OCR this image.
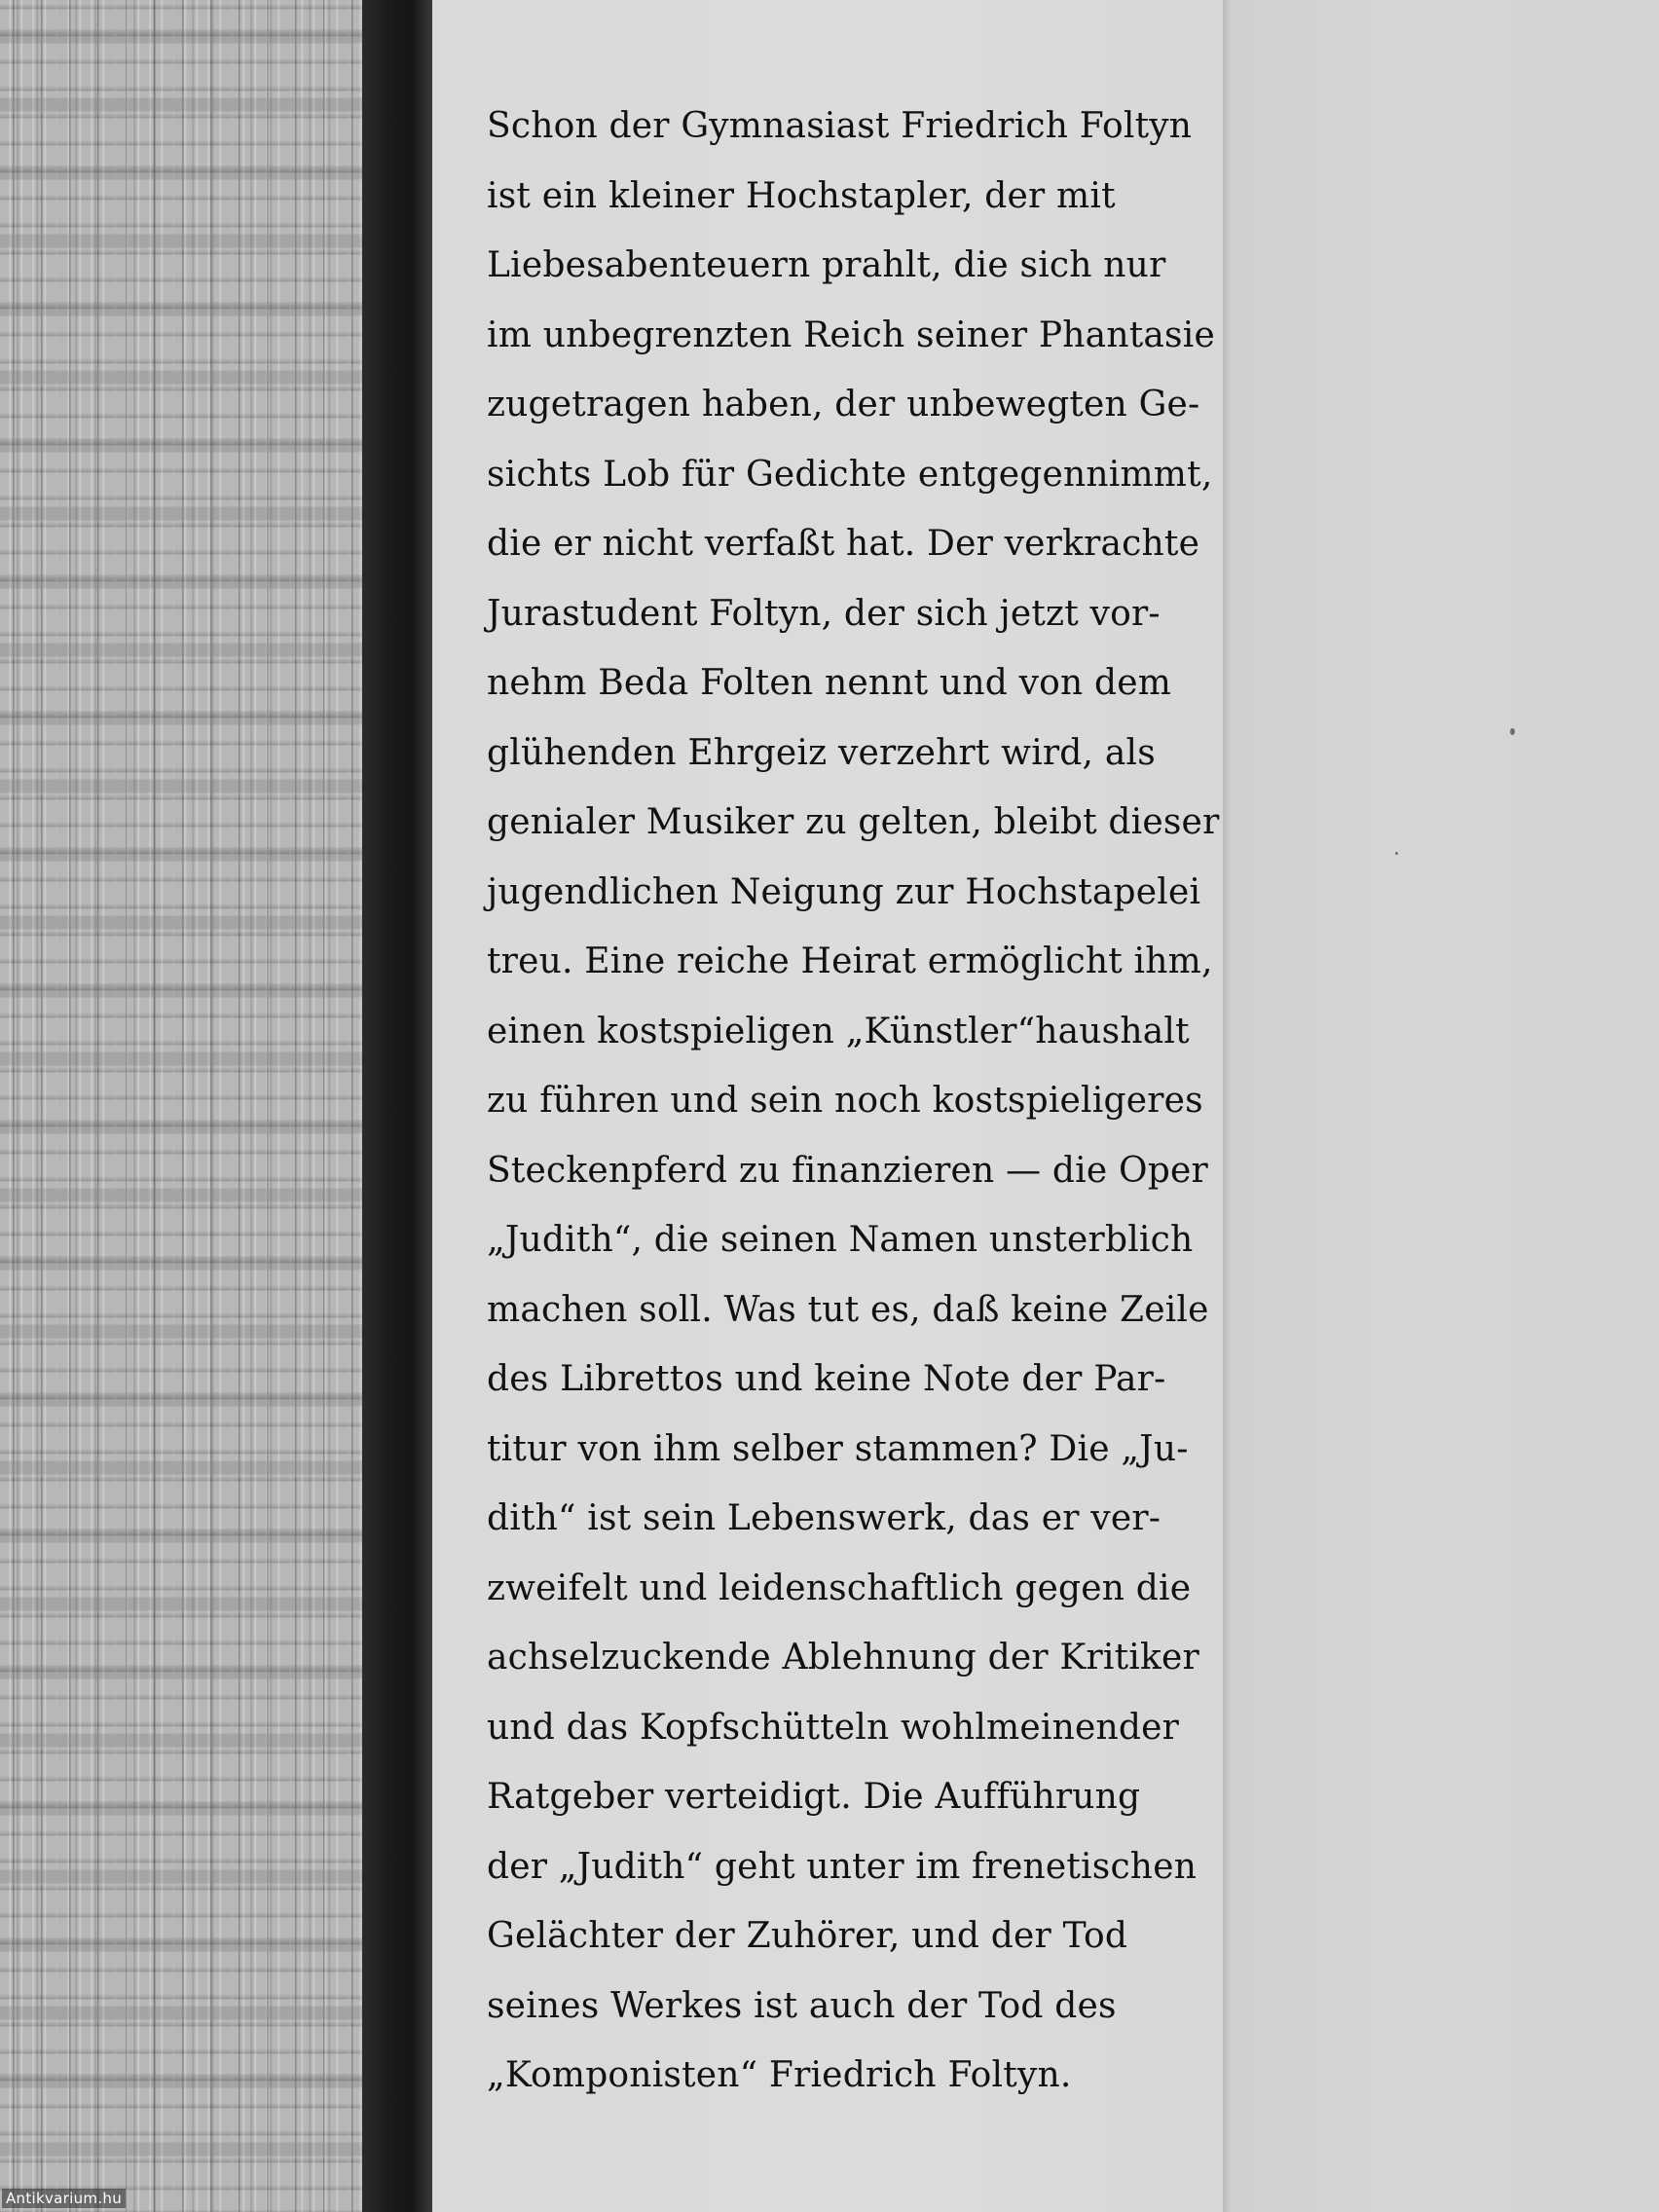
Schon der Gymnasiast Friedrich Foltyn
ist ein kleiner Hochstapler, der mit
Liebesabenteuern prahlt, die sich nur
im unbegrenzten Reich seiner Phantasie
zugetragen haben, der unbewegten Ge-
sichts Lob für Gedichte entgegennimmt,
die er nicht verfaßt hat. Der verkrachte
Jurastudent Foltyn, der sich jetzt vor-
nehm Beda Folten nennt und von dem
glühenden Ehrgeiz verzehrt wird, als
genialer Musiker zu gelten, bleibt dieser
jugendlichen Neigung zur Hochstapelei
treu. Eine reiche Heirat ermöglicht ihm,
einen kostspieligen „Künstler“haushalt
zu führen und sein noch kostspieligeres
Steckenpferd zu finanzieren — die Oper
„Judith“, die seinen Namen unsterblich
machen soll. Was tut es, daß keine Zeile
des Librettos und keine Note der Par-
titur von ihm selber stammen? Die „Ju-
dith“ ist sein Lebenswerk, das er ver-
zweifelt und leidenschaftlich gegen die
achselzuckende Ablehnung der Kritiker
und das Kopfschütteln wohlmeinender
Ratgeber verteidigt. Die Aufführung
der „Judith“ geht unter im frenetischen
Gelächter der Zuhörer, und der Tod
seines Werkes ist auch der Tod des
„Komponisten“ Friedrich Foltyn.
Antikvarium.hu
